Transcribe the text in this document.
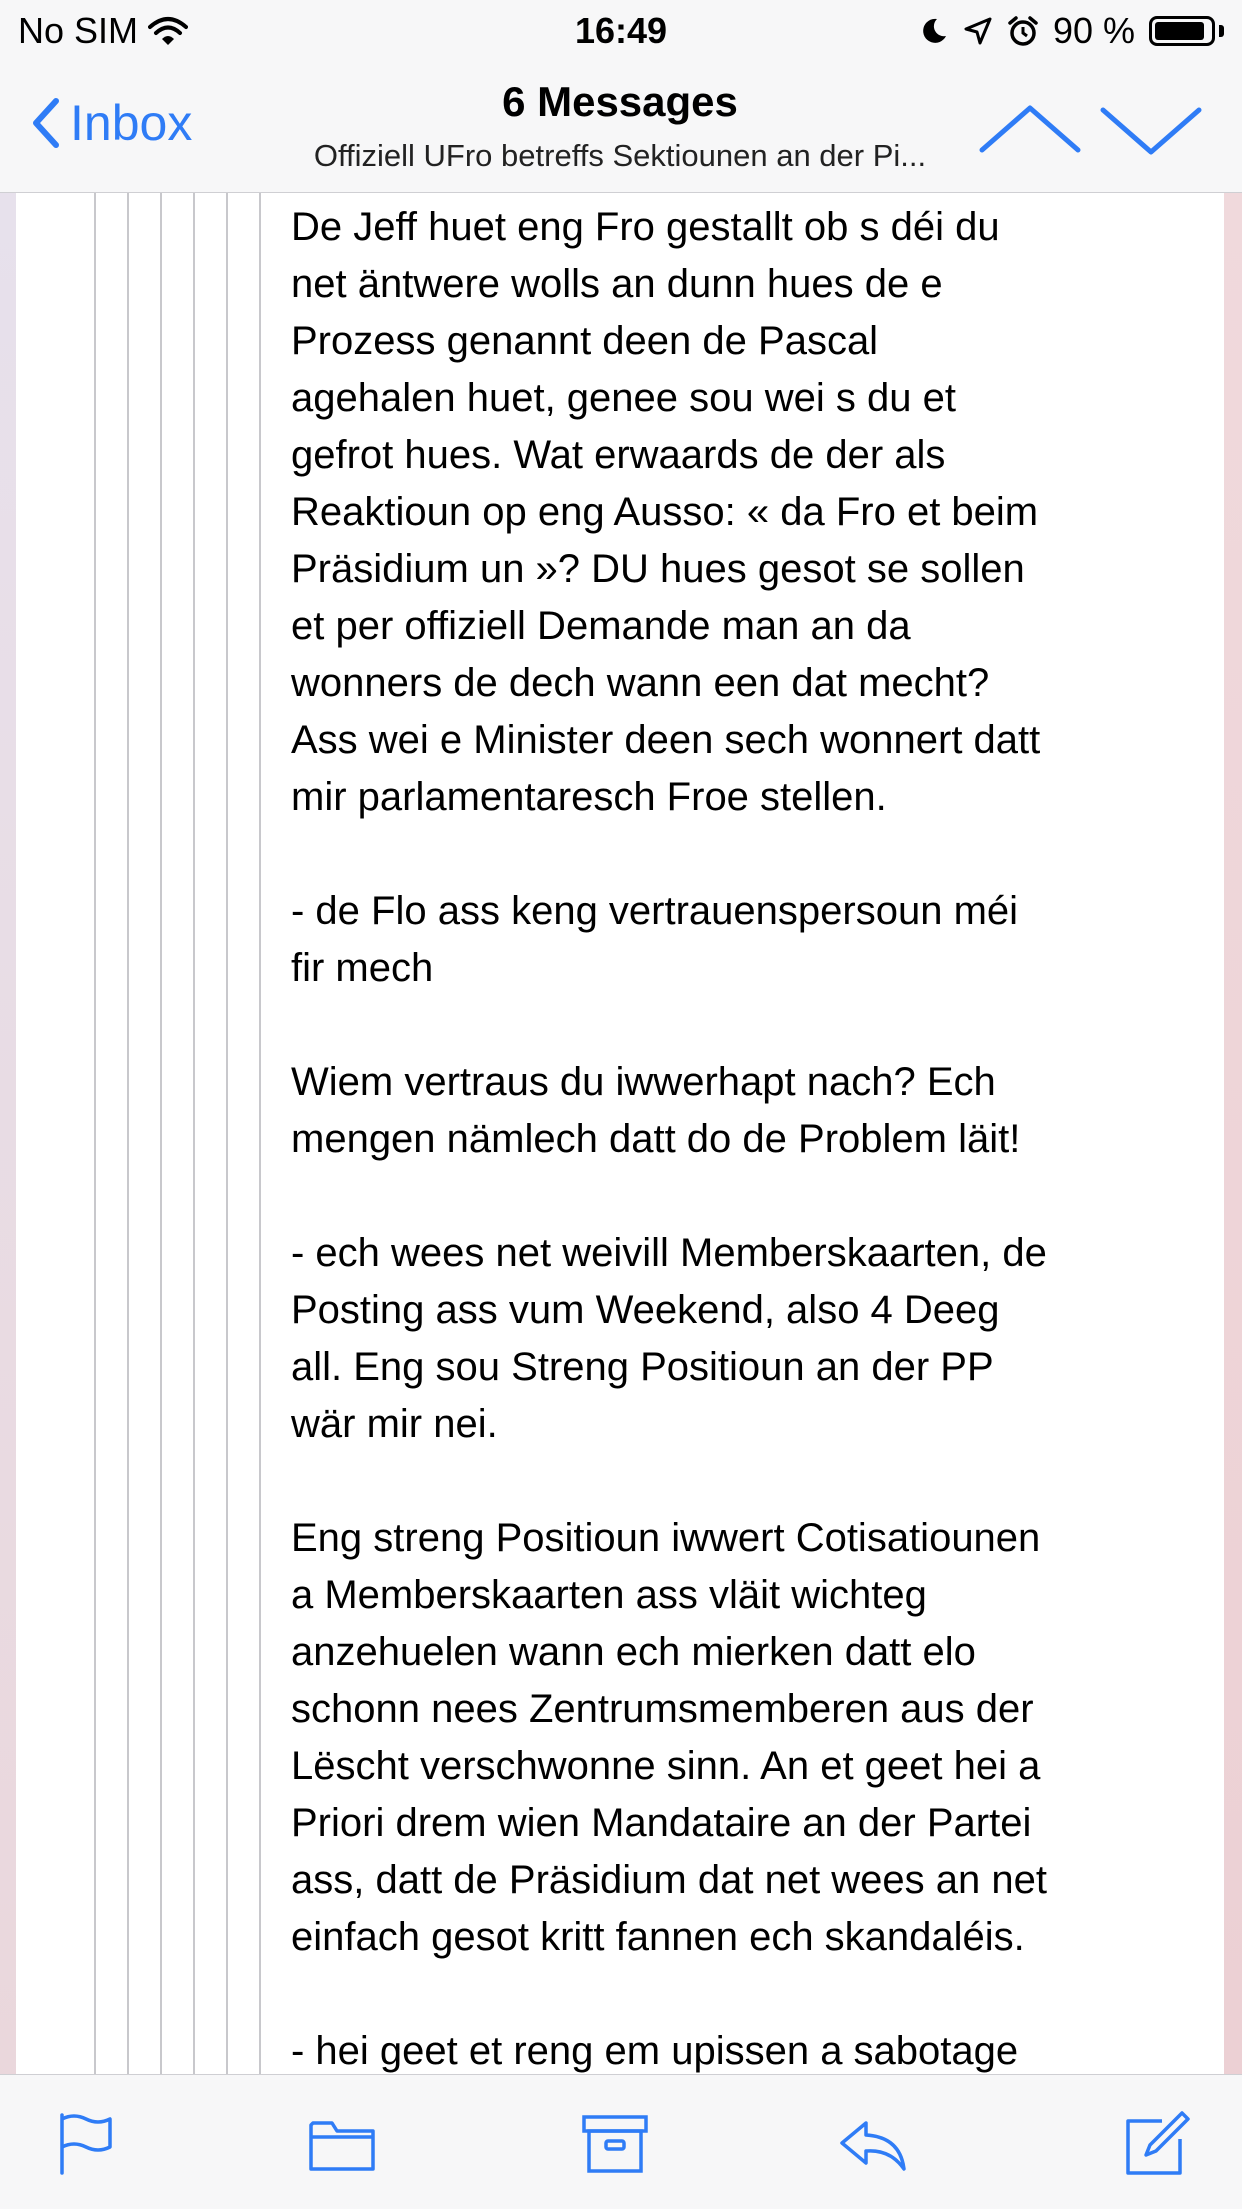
No SIM	16:49	90 %
Inbox	6 Messages
Offiziell UFro betreffs Sektiounen an der Pi...

De Jeff huet eng Fro gestallt ob s déi du
net äntwere wolls an dunn hues de e
Prozess genannt deen de Pascal
agehalen huet, genee sou wei s du et
gefrot hues. Wat erwaards de der als
Reaktioun op eng Ausso: « da Fro et beim
Präsidium un »? DU hues gesot se sollen
et per offiziell Demande man an da
wonners de dech wann een dat mecht?
Ass wei e Minister deen sech wonnert datt
mir parlamentaresch Froe stellen.

- de Flo ass keng vertrauenspersoun méi
fir mech

Wiem vertraus du iwwerhapt nach? Ech
mengen nämlech datt do de Problem läit!

- ech wees net weivill Memberskaarten, de
Posting ass vum Weekend, also 4 Deeg
all. Eng sou Streng Positioun an der PP
wär mir nei.

Eng streng Positioun iwwert Cotisatiounen
a Memberskaarten ass vläit wichteg
anzehuelen wann ech mierken datt elo
schonn nees Zentrumsmemberen aus der
Lëscht verschwonne sinn. An et geet hei a
Priori drem wien Mandataire an der Partei
ass, datt de Präsidium dat net wees an net
einfach gesot kritt fannen ech skandaléis.

- hei geet et reng em upissen a sabotage
